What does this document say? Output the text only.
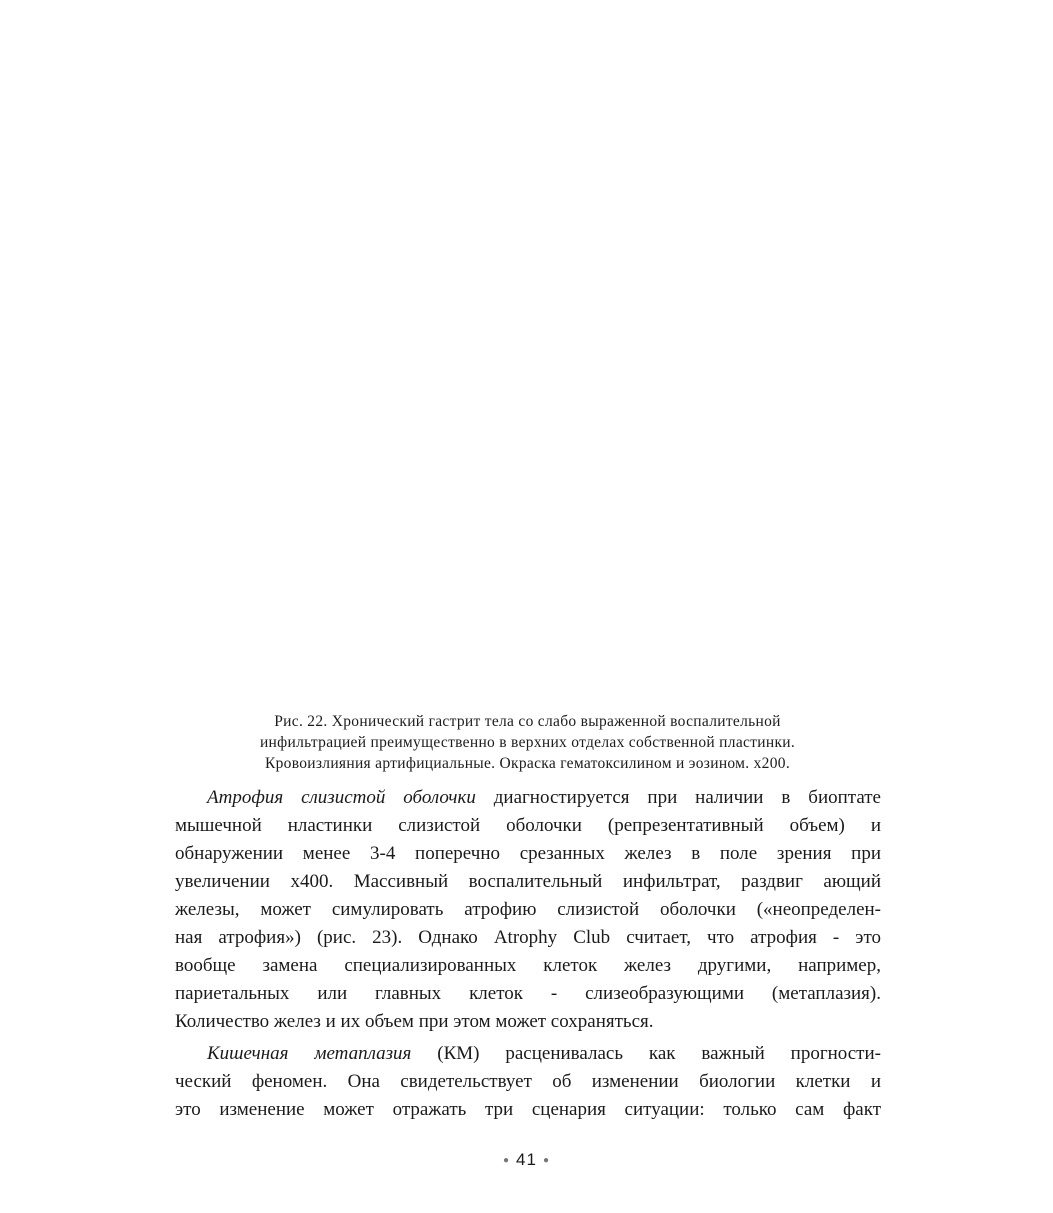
Рис. 22. Хронический гастрит тела со слабо выраженной воспалительной
инфильтрацией преимущественно в верхних отделах собственной пластинки.
Кровоизлияния артифициальные. Окраска гематоксилином и эозином. х200.
Атрофия слизистой оболочки диагностируется при наличии в биоптате
мышечной нластинки слизистой оболочки (репрезентативный объем) и
обнаружении менее 3-4 поперечно срезанных желез в поле зрения при
увеличении х400. Массивный воспалительный инфильтрат, раздвиг ающий
железы, может симулировать атрофию слизистой оболочки («неопределен-
ная атрофия») (рис. 23). Однако Atrophy Club считает, что атрофия - это
вообще замена специализированных клеток желез другими, например,
париетальных или главных клеток - слизеобразующими (метаплазия).
Количество желез и их объем при этом может сохраняться.
Кишечная метаплазия (КМ) расценивалась как важный прогности-
ческий феномен. Она свидетельствует об изменении биологии клетки и
это изменение может отражать три сценария ситуации: только сам факт
● 41 ●
